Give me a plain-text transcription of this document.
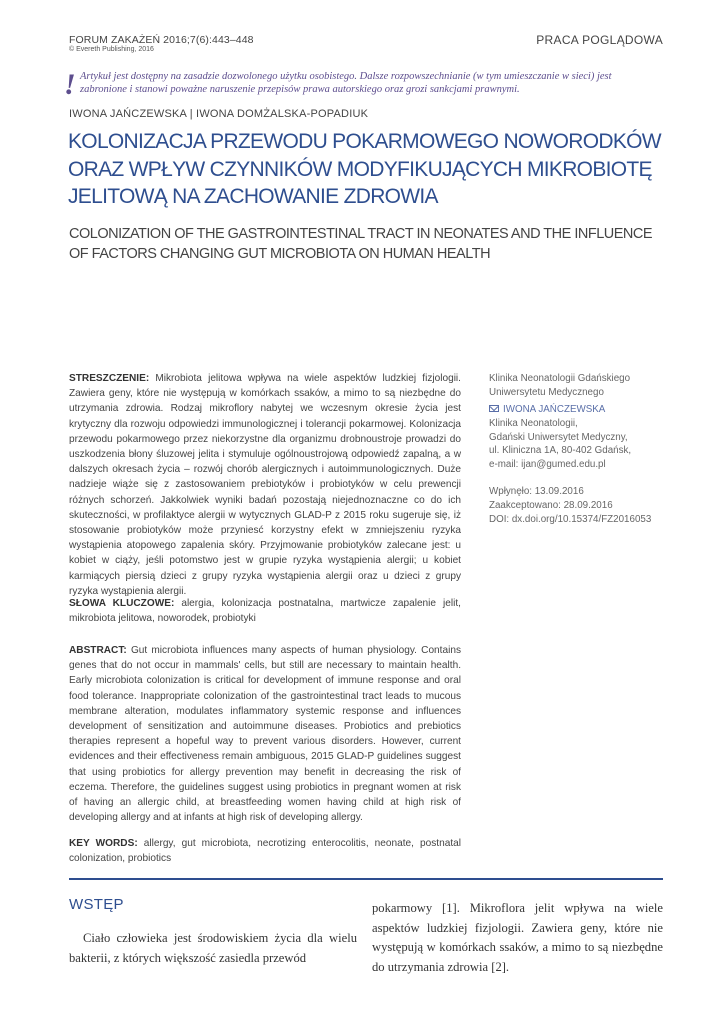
FORUM ZAKAŻEŃ 2016;7(6):443–448
© Evereth Publishing, 2016
PRACA POGLĄDOWA
! Artykuł jest dostępny na zasadzie dozwolonego użytku osobistego. Dalsze rozpowszechnianie (w tym umieszczanie w sieci) jest zabronione i stanowi poważne naruszenie przepisów prawa autorskiego oraz grozi sankcjami prawnymi.
IWONA JAŃCZEWSKA | IWONA DOMŻALSKA-POPADIUK
KOLONIZACJA PRZEWODU POKARMOWEGO NOWORODKÓW ORAZ WPŁYW CZYNNIKÓW MODYFIKUJĄCYCH MIKROBIOTĘ JELITOWĄ NA ZACHOWANIE ZDROWIA
COLONIZATION OF THE GASTROINTESTINAL TRACT IN NEONATES AND THE INFLUENCE OF FACTORS CHANGING GUT MICROBIOTA ON HUMAN HEALTH
STRESZCZENIE: Mikrobiota jelitowa wpływa na wiele aspektów ludzkiej fizjologii. Zawiera geny, które nie występują w komórkach ssaków, a mimo to są niezbędne do utrzymania zdrowia. Rodzaj mikroflory nabytej we wczesnym okresie życia jest krytyczny dla rozwoju odpowiedzi immunologicznej i tolerancji pokarmowej. Kolonizacja przewodu pokarmowego przez niekorzystne dla organizmu drobnoustroje prowadzi do uszkodzenia błony śluzowej jelita i stymuluje ogólnoustrojową odpowiedź zapalną, a w dalszych okresach życia – rozwój chorób alergicznych i autoimmunologicznych. Duże nadzieje wiąże się z zastosowaniem prebiotyków i probiotyków w celu prewencji różnych schorzeń. Jakkolwiek wyniki badań pozostają niejednoznaczne co do ich skuteczności, w profilaktyce alergii w wytycznych GLAD-P z 2015 roku sugeruje się, iż stosowanie probiotyków może przyniesć korzystny efekt w zmniejszeniu ryzyka wystąpienia atopowego zapalenia skóry. Przyjmowanie probiotyków zalecane jest: u kobiet w ciąży, jeśli potomstwo jest w grupie ryzyka wystąpienia alergii; u kobiet karmiących piersią dzieci z grupy ryzyka wystąpienia alergii oraz u dzieci z grupy ryzyka wystąpienia alergii.
SŁOWA KLUCZOWE: alergia, kolonizacja postnatalna, martwicze zapalenie jelit, mikrobiota jelitowa, noworodek, probiotyki
ABSTRACT: Gut microbiota influences many aspects of human physiology. Contains genes that do not occur in mammals' cells, but still are necessary to maintain health. Early microbiota colonization is critical for development of immune response and oral food tolerance. Inappropriate colonization of the gastrointestinal tract leads to mucous membrane alteration, modulates inflammatory systemic response and influences development of sensitization and autoimmune diseases. Probiotics and prebiotics therapies represent a hopeful way to prevent various disorders. However, current evidences and their effectiveness remain ambiguous, 2015 GLAD-P guidelines suggest that using probiotics for allergy prevention may benefit in decreasing the risk of eczema. Therefore, the guidelines suggest using probiotics in pregnant women at risk of having an allergic child, at breastfeeding women having child at high risk of developing allergy and at infants at high risk of developing allergy.
KEY WORDS: allergy, gut microbiota, necrotizing enterocolitis, neonate, postnatal colonization, probiotics
Klinika Neonatologii Gdańskiego
Uniwersytetu Medycznego
IWONA JAŃCZEWSKA
Klinika Neonatologii,
Gdański Uniwersytet Medyczny,
ul. Kliniczna 1A, 80-402 Gdańsk,
e-mail: ijan@gumed.edu.pl
Wpłynęło: 13.09.2016
Zaakceptowano: 28.09.2016
DOI: dx.doi.org/10.15374/FZ2016053
WSTĘP
Ciało człowieka jest środowiskiem życia dla wielu bakterii, z których większość zasiedla przewód
pokarmowy [1]. Mikroflora jelit wpływa na wiele aspektów ludzkiej fizjologii. Zawiera geny, które nie występują w komórkach ssaków, a mimo to są niezbędne do utrzymania zdrowia [2].
